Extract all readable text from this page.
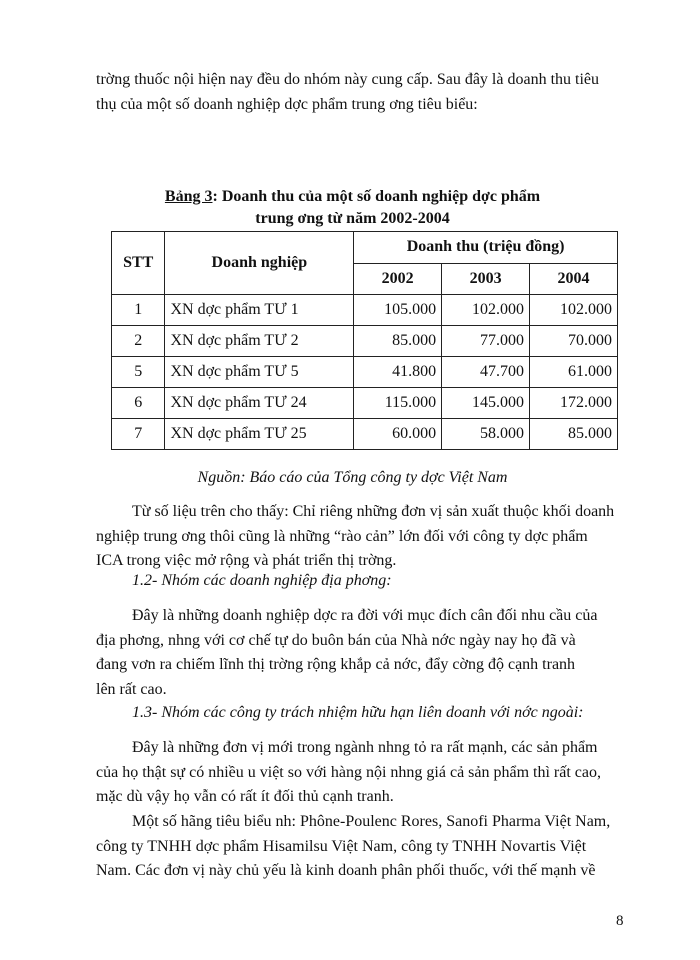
trờng thuốc nội hiện nay đều do nhóm này cung cấp. Sau đây là doanh thu tiêu
thụ của một số doanh nghiệp dợc phẩm trung ơng tiêu biểu:
Bảng 3: Doanh thu của một số doanh nghiệp dợc phẩm
trung ơng từ năm 2002-2004
STT	Doanh nghiệp	Doanh thu (triệu đồng)		
		2002	2003	2004
1	XN dợc phẩm TƯ 1	105.000	102.000	102.000
2	XN dợc phẩm TƯ 2	85.000	77.000	70.000
5	XN dợc phẩm TƯ 5	41.800	47.700	61.000
6	XN dợc phẩm TƯ 24	115.000	145.000	172.000
7	XN dợc phẩm TƯ 25	60.000	58.000	85.000
Nguồn: Báo cáo của Tổng công ty dợc Việt Nam
Từ số liệu trên cho thấy: Chỉ riêng những đơn vị sản xuất thuộc khối doanh
nghiệp trung ơng thôi cũng là những “rào cản” lớn đối với công ty dợc phẩm
ICA trong việc mở rộng và phát triển thị trờng.
1.2- Nhóm các doanh nghiệp địa phơng:
Đây là những doanh nghiệp dợc ra đời với mục đích cân đối nhu cầu của
địa phơng, nhng với cơ chế tự do buôn bán của Nhà nớc ngày nay họ đã và
đang vơn ra chiếm lĩnh thị trờng rộng khắp cả nớc, đẩy cờng độ cạnh tranh
lên rất cao.
1.3- Nhóm các công ty trách nhiệm hữu hạn liên doanh với nớc ngoài:
Đây là những đơn vị mới trong ngành nhng tỏ ra rất mạnh, các sản phẩm
của họ thật sự có nhiều u việt so với hàng nội nhng giá cả sản phẩm thì rất cao,
mặc dù vậy họ vẫn có rất ít đối thủ cạnh tranh.
Một số hãng tiêu biểu nh: Phône-Poulenc Rores, Sanofi Pharma Việt Nam,
công ty TNHH dợc phẩm Hisamilsu Việt Nam, công ty TNHH Novartis Việt
Nam. Các đơn vị này chủ yếu là kinh doanh phân phối thuốc, với thế mạnh về
8
